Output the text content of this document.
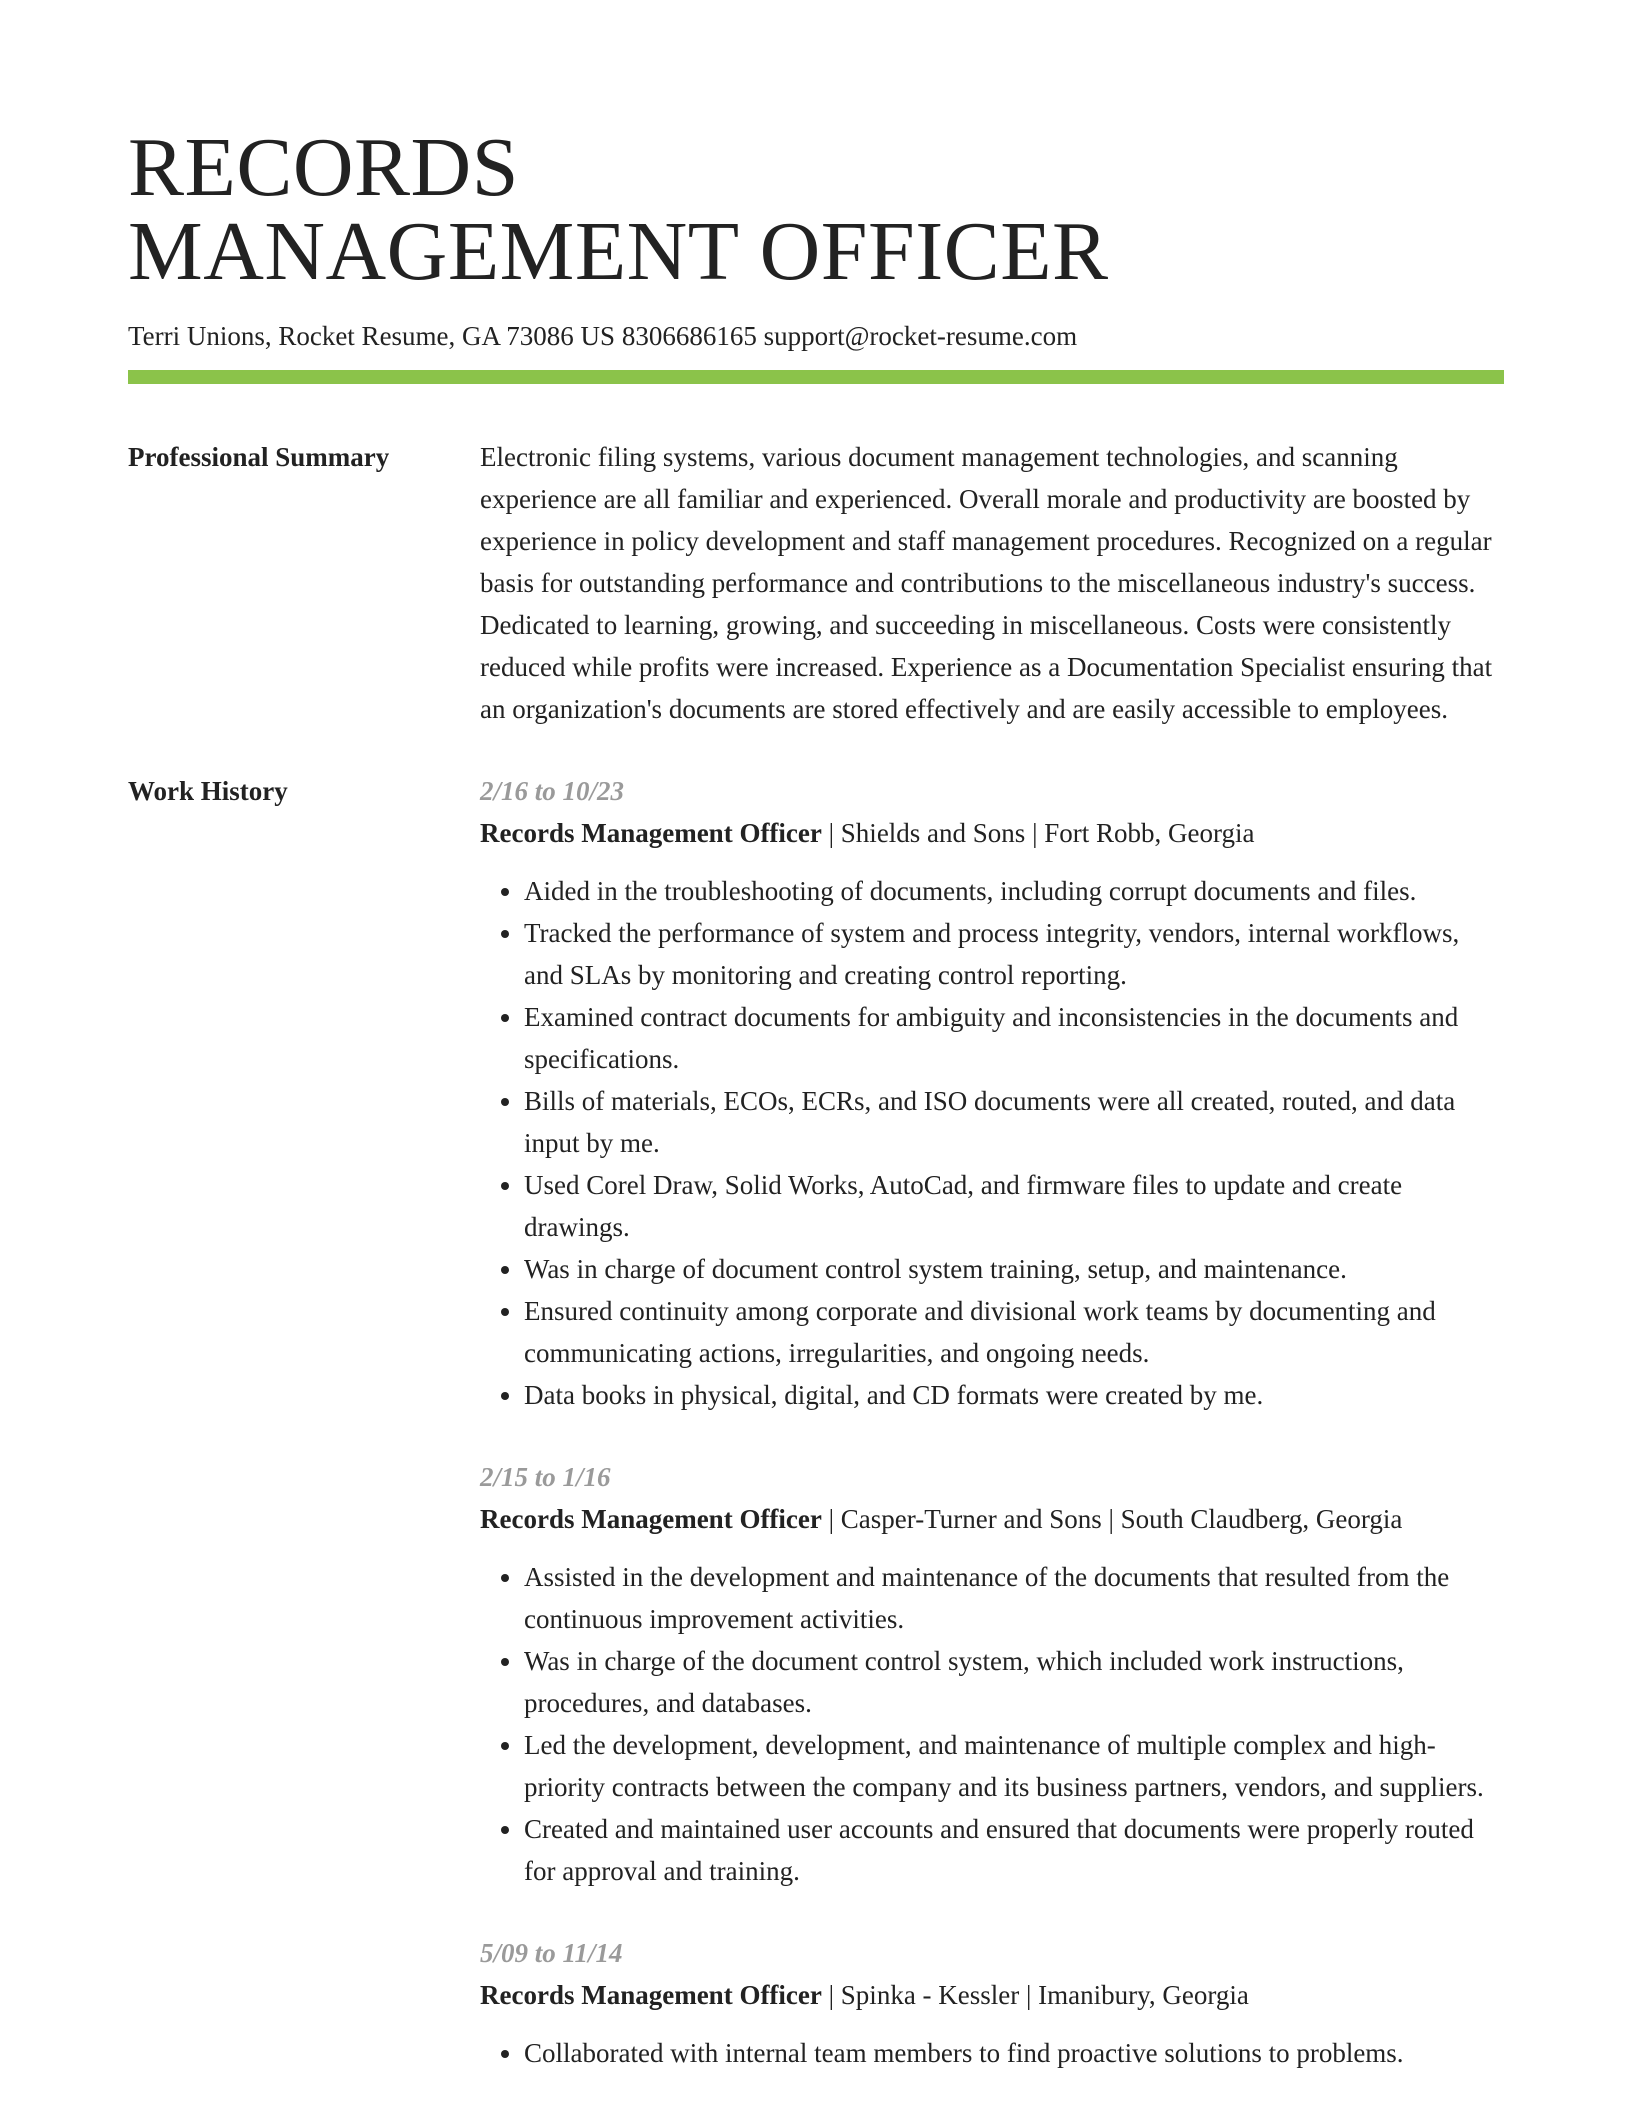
RECORDS
MANAGEMENT OFFICER
Terri Unions, Rocket Resume, GA 73086 US 8306686165 support@rocket-resume.com
Professional Summary	Electronic filing systems, various document management technologies, and scanning experience are all familiar and experienced. Overall morale and productivity are boosted by experience in policy development and staff management procedures. Recognized on a regular basis for outstanding performance and contributions to the miscellaneous industry's success. Dedicated to learning, growing, and succeeding in miscellaneous. Costs were consistently reduced while profits were increased. Experience as a Documentation Specialist ensuring that an organization's documents are stored effectively and are easily accessible to employees.

Work History	2/16 to 10/23
Records Management Officer | Shields and Sons | Fort Robb, Georgia
• Aided in the troubleshooting of documents, including corrupt documents and files.
• Tracked the performance of system and process integrity, vendors, internal workflows, and SLAs by monitoring and creating control reporting.
• Examined contract documents for ambiguity and inconsistencies in the documents and specifications.
• Bills of materials, ECOs, ECRs, and ISO documents were all created, routed, and data input by me.
• Used Corel Draw, Solid Works, AutoCad, and firmware files to update and create drawings.
• Was in charge of document control system training, setup, and maintenance.
• Ensured continuity among corporate and divisional work teams by documenting and communicating actions, irregularities, and ongoing needs.
• Data books in physical, digital, and CD formats were created by me.
2/15 to 1/16
Records Management Officer | Casper-Turner and Sons | South Claudberg, Georgia
• Assisted in the development and maintenance of the documents that resulted from the continuous improvement activities.
• Was in charge of the document control system, which included work instructions, procedures, and databases.
• Led the development, development, and maintenance of multiple complex and high-priority contracts between the company and its business partners, vendors, and suppliers.
• Created and maintained user accounts and ensured that documents were properly routed for approval and training.
5/09 to 11/14
Records Management Officer | Spinka - Kessler | Imanibury, Georgia
• Collaborated with internal team members to find proactive solutions to problems.
